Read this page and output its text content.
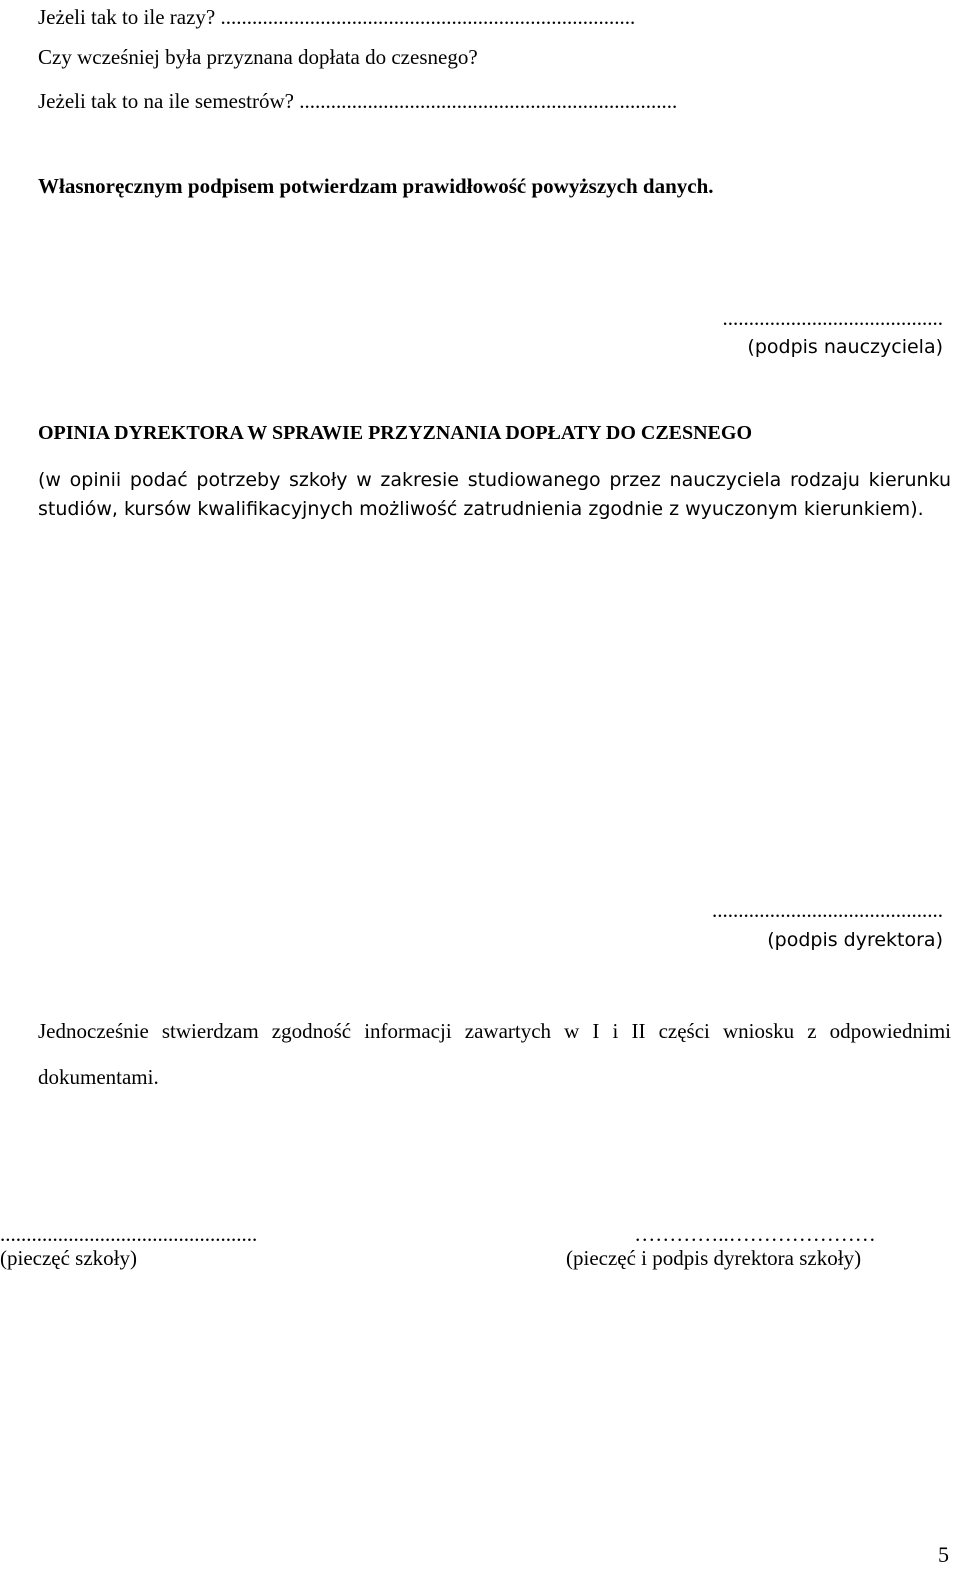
Jeżeli tak to ile razy? ...............................................................................
Czy wcześniej była przyznana dopłata do czesnego?
Jeżeli tak to na ile semestrów? ........................................................................
Własnoręcznym podpisem potwierdzam prawidłowość powyższych danych.
..........................................
(podpis nauczyciela)
OPINIA DYREKTORA W SPRAWIE PRZYZNANIA DOPŁATY DO CZESNEGO
(w opinii podać potrzeby szkoły w zakresie studiowanego przez nauczyciela rodzaju kierunku studiów, kursów kwalifikacyjnych możliwość zatrudnienia zgodnie z wyuczonym kierunkiem).
............................................
(podpis dyrektora)
Jednocześnie stwierdzam zgodność informacji zawartych w I i II części wniosku z odpowiednimi dokumentami.
.................................................
(pieczęć szkoły)
…………..…………………
(pieczęć i podpis dyrektora szkoły)
5
